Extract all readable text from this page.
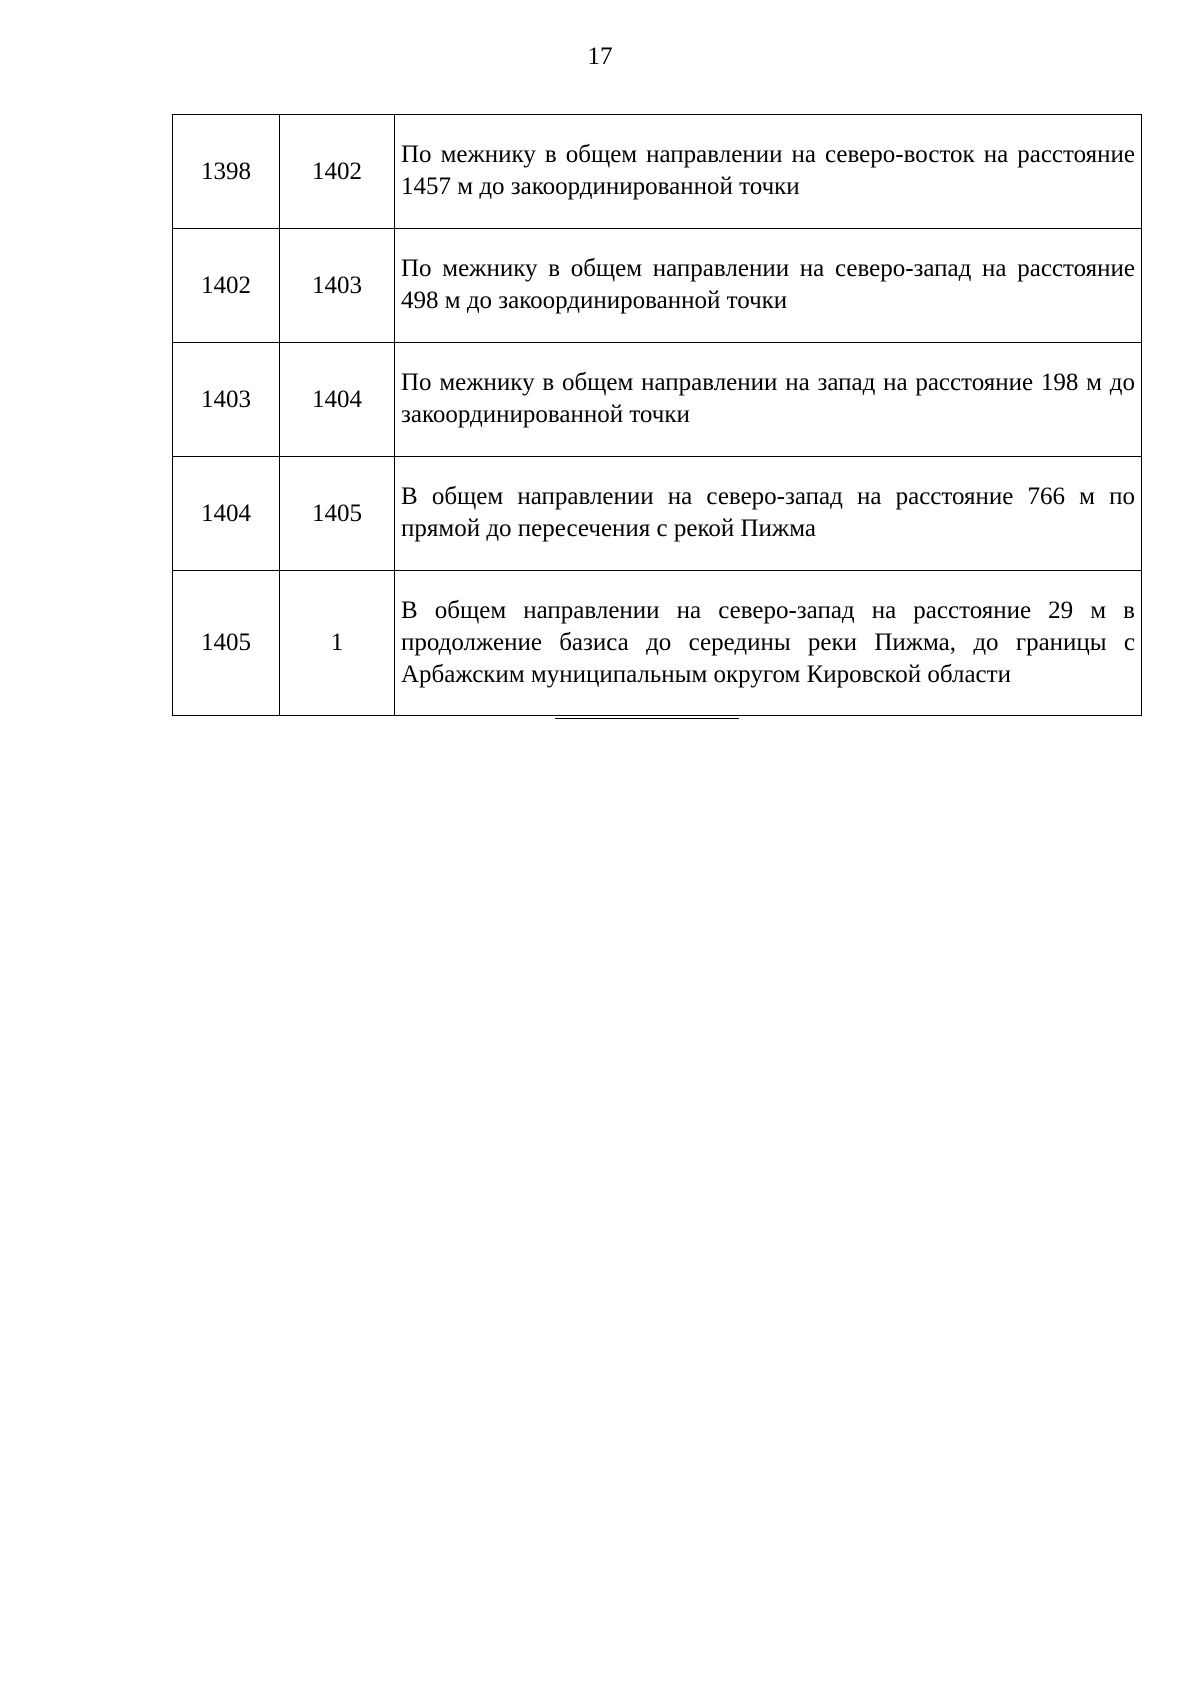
17
1398	1402	По межнику в общем направлении на северо-восток на расстояние 1457 м до закоординированной точки
1402	1403	По межнику в общем направлении на северо-запад на расстояние 498 м до закоординированной точки
1403	1404	По межнику в общем направлении на запад на расстояние 198 м до закоординированной точки
1404	1405	В общем направлении на северо-запад на расстояние 766 м по прямой до пересечения с рекой Пижма
1405	1	В общем направлении на северо-запад на расстояние 29 м в продолжение базиса до середины реки Пижма, до границы с Арбажским муниципальным округом Кировской области
